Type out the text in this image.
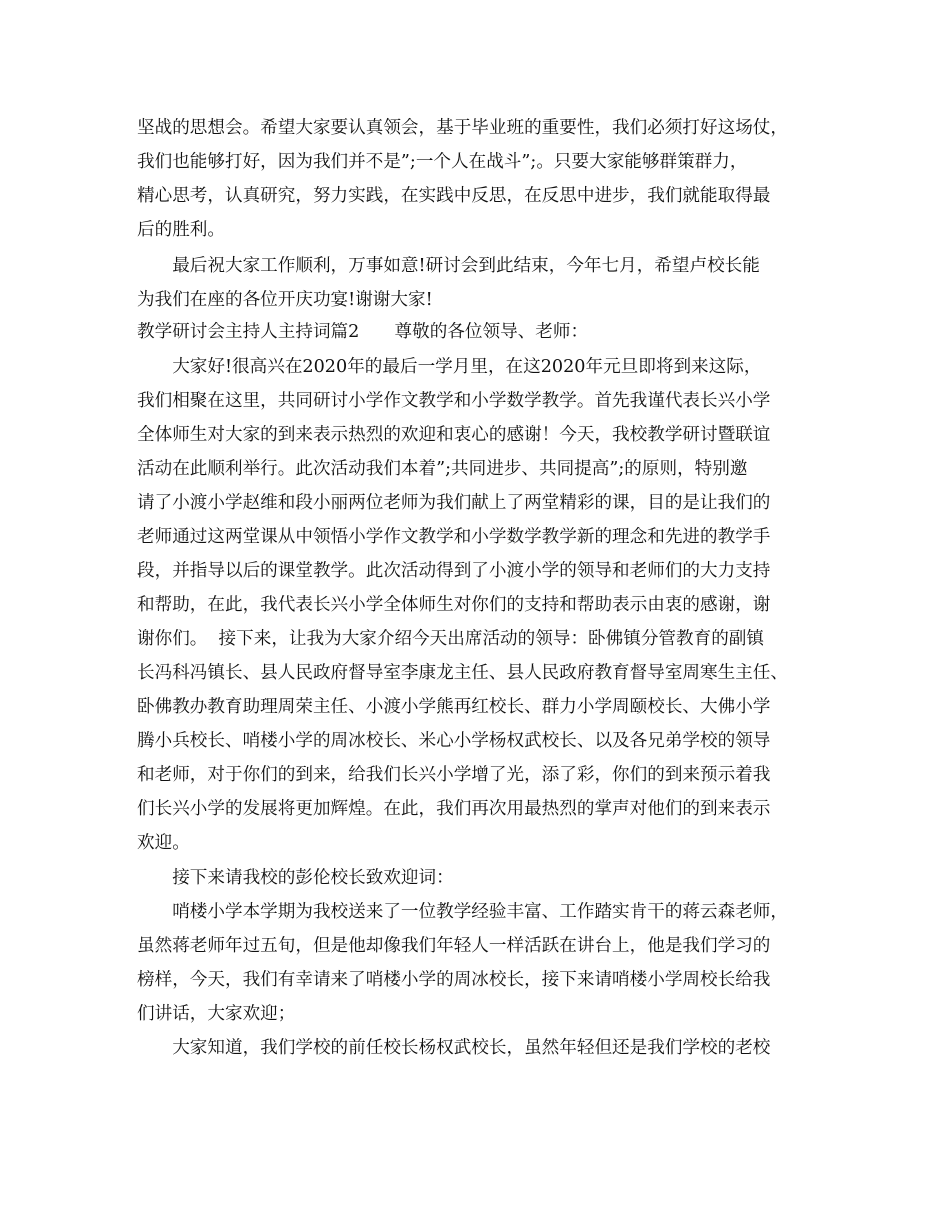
坚战的思想会。希望大家要认真领会，基于毕业班的重要性，我们必须打好这场仗，
我们也能够打好，因为我们并不是”;一个人在战斗”;。只要大家能够群策群力，
精心思考，认真研究，努力实践，在实践中反思，在反思中进步，我们就能取得最
后的胜利。
　　最后祝大家工作顺利，万事如意!研讨会到此结束，今年七月，希望卢校长能
为我们在座的各位开庆功宴!谢谢大家!
教学研讨会主持人主持词篇2　　尊敬的各位领导、老师：
　　大家好!很高兴在2020年的最后一学月里，在这2020年元旦即将到来这际，
我们相聚在这里，共同研讨小学作文教学和小学数学教学。首先我谨代表长兴小学
全体师生对大家的到来表示热烈的欢迎和衷心的感谢！今天，我校教学研讨暨联谊
活动在此顺利举行。此次活动我们本着”;共同进步、共同提高”;的原则，特别邀
请了小渡小学赵维和段小丽两位老师为我们献上了两堂精彩的课，目的是让我们的
老师通过这两堂课从中领悟小学作文教学和小学数学教学新的理念和先进的教学手
段，并指导以后的课堂教学。此次活动得到了小渡小学的领导和老师们的大力支持
和帮助，在此，我代表长兴小学全体师生对你们的支持和帮助表示由衷的感谢，谢
谢你们。  接下来，让我为大家介绍今天出席活动的领导：卧佛镇分管教育的副镇
长冯科冯镇长、县人民政府督导室李康龙主任、县人民政府教育督导室周寒生主任、
卧佛教办教育助理周荣主任、小渡小学熊再红校长、群力小学周颐校长、大佛小学
腾小兵校长、哨楼小学的周冰校长、米心小学杨权武校长、以及各兄弟学校的领导
和老师，对于你们的到来，给我们长兴小学增了光，添了彩，你们的到来预示着我
们长兴小学的发展将更加辉煌。在此，我们再次用最热烈的掌声对他们的到来表示
欢迎。
　　接下来请我校的彭伦校长致欢迎词：
　　哨楼小学本学期为我校送来了一位教学经验丰富、工作踏实肯干的蒋云森老师，
虽然蒋老师年过五旬，但是他却像我们年轻人一样活跃在讲台上，他是我们学习的
榜样，今天，我们有幸请来了哨楼小学的周冰校长，接下来请哨楼小学周校长给我
们讲话，大家欢迎；
　　大家知道，我们学校的前任校长杨权武校长，虽然年轻但还是我们学校的老校
